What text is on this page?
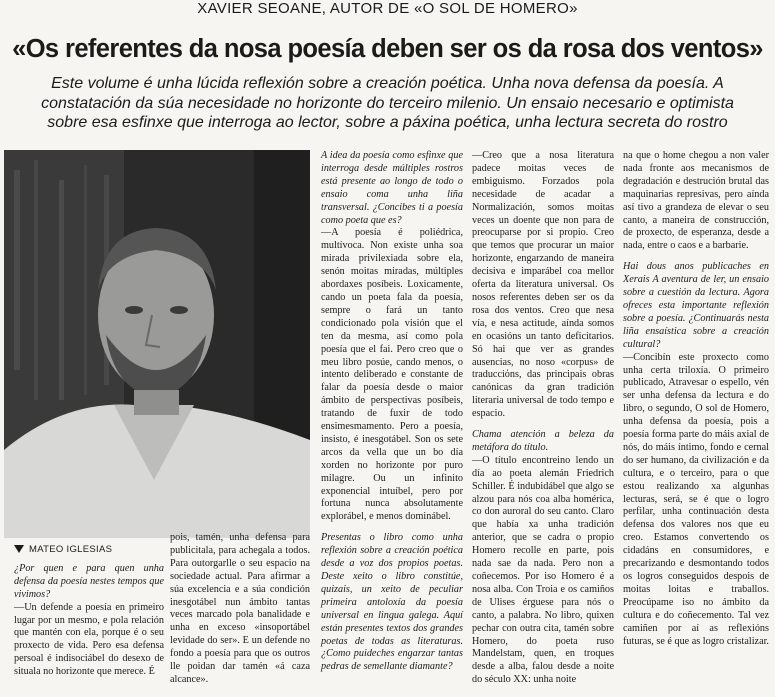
XAVIER SEOANE, AUTOR DE «O SOL DE HOMERO»
«Os referentes da nosa poesía deben ser os da rosa dos ventos»
Este volume é unha lúcida reflexión sobre a creación poética. Unha nova defensa da poesía. A constatación da súa necesidade no horizonte do terceiro milenio. Un ensaio necesario e optimista sobre esa esfinxe que interroga ao lector, sobre a páxina poética, unha lectura secreta do rostro

MATEO IGLESIAS

¿Por quen e para quen unha defensa da poesía nestes tempos que vivimos?

—Un defende a poesía en primeiro lugar por un mesmo, e pola relación que mantén con ela, porque é o seu proxecto de vida. Pero esa defensa persoal é indisociábel do desexo de situala no horizonte que merece. É

pois, tamén, unha defensa para publicitala, para achegala a todos. Para outorgarlle o seu espacio na sociedade actual. Para afirmar a súa excelencia e a súa condición inesgotábel nun ámbito tantas veces marcado pola banalidade e unha en exceso «insoportábel levidade do ser». E un defende no fondo a poesía para que os outros lle poidan dar tamén «á caza alcance».

A idea da poesía como esfinxe que interroga desde múltiples rostros está presente ao longo de todo o ensaio coma unha liña transversal. ¿Concibes ti a poesía como poeta que es?

—A poesía é poliédrica, multívoca. Non existe unha soa mirada privilexiada sobre ela, senón moitas miradas, múltiples abordaxes posíbeis. Loxicamente, cando un poeta fala da poesía, sempre o fará un tanto condicionado pola visión que el ten da mesma, así como pola poesía que el fai. Pero creo que o meu libro posúe, cando menos, o intento deliberado e constante de falar da poesía desde o maior ámbito de perspectivas posíbeis, tratando de fuxir de todo ensimesmamento. Pero a poesía, insisto, é inesgotábel. Son os sete arcos da vella que un bo día xorden no horizonte por puro milagre. Ou un infinito exponencial intuíbel, pero por fortuna nunca absolutamente explorábel, e menos dominábel.

Presentas o libro como unha reflexión sobre a creación poética desde a voz dos propios poetas. Deste xeito o libro constitúe, quizais, un xeito de peculiar primeira antoloxía da poesía universal en lingua galega. Aquí están presentes textos dos grandes poetas de todas as literaturas. ¿Como puideches engarzar tantas pedras de semellante diamante?

—Creo que a nosa literatura padece moitas veces de embiguismo. Forzados pola necesidade de acadar a Normalización, somos moitas veces un doente que non para de preocuparse por si propio. Creo que temos que procurar un maior horizonte, engarzando de maneira decisiva e imparábel coa mellor oferta da literatura universal. Os nosos referentes deben ser os da rosa dos ventos. Creo que nesa vía, e nesa actitude, aínda somos en ocasións un tanto deficitarios. Só hai que ver as grandes ausencias, no noso «corpus» de traducciόns, das principais obras canónicas da gran tradición literaria universal de todo tempo e espacio.

Chama atención a beleza da metáfora do título.

—O título encontreino lendo un día ao poeta alemán Friedrich Schiller. É indubidábel que algo se alzou para nós coa alba homérica, co don auroral do seu canto. Claro que había xa unha tradición anterior, que se cadra o propio Homero recolle en parte, pois nada sae da nada. Pero non a coñecemos. Por iso Homero é a nosa alba. Con Troia e os camiños de Ulises érguese para nós o canto, a palabra. No libro, quixen pechar con outra cita, tamén sobre Homero, do poeta ruso Mandelstam, quen, en troques desde a alba, falou desde a noite do século XX: unha noite

na que o home chegou a non valer nada fronte aos mecanismos de degradación e destrución brutal das maquinarias represivas, pero aínda así tivo a grandeza de elevar o seu canto, a maneira de construcción, de proxecto, de esperanza, desde a nada, entre o caos e a barbarie.

Hai dous anos publicaches en Xerais A aventura de ler, un ensaio sobre a cuestión da lectura. Agora ofreces esta importante reflexión sobre a poesía. ¿Continuarás nesta liña ensaística sobre a creación cultural?

—Concibín este proxecto como unha certa triloxía. O primeiro publicado, Atravesar o espello, vén ser unha defensa da lectura e do libro, o segundo, O sol de Homero, unha defensa da poesía, pois a poesía forma parte do máis axial de nós, do máis íntimo, fondo e cernal do ser humano, da civilización e da cultura, e o terceiro, para o que estou realizando xa algunhas lecturas, será, se é que o logro perfilar, unha continuación desta defensa dos valores nos que eu creo. Estamos convertendo os cidadáns en consumidores, e precarizando e desmontando todos os logros conseguidos despois de moitas loitas e traballos. Preocúpame iso no ámbito da cultura e do coñecemento. Tal vez camiñen por aí as reflexións futuras, se é que as logro cristalizar.
